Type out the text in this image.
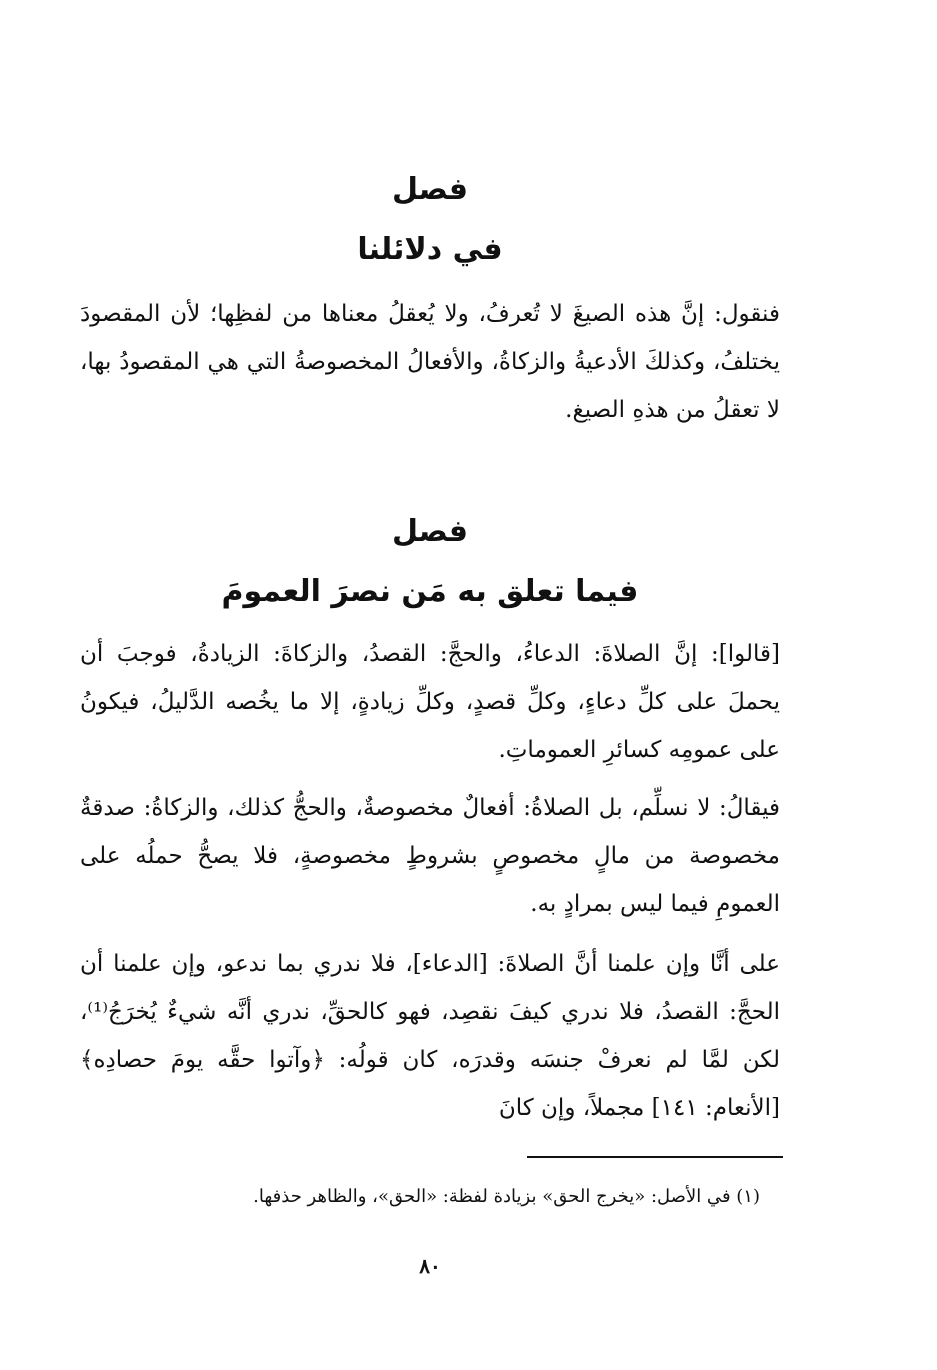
فصل
في دلائلنا

فنقول: إنَّ هذه الصيغَ لا تُعرفُ، ولا يُعقلُ معناها من لفظِها؛ لأن المقصودَ يختلفُ، وكذلكَ الأدعيةُ والزكاةُ، والأفعالُ المخصوصةُ التي هي المقصودُ بها، لا تعقلُ من هذهِ الصيغ.

فصل
فيما تعلق به مَن نصرَ العمومَ

[قالوا]: إنَّ الصلاةَ: الدعاءُ، والحجَّ: القصدُ، والزكاةَ: الزيادةُ، فوجبَ أن يحملَ على كلِّ دعاءٍ، وكلِّ قصدٍ، وكلِّ زيادةٍ، إلا ما يخُصه الدَّليلُ، فيكونُ على عمومِه كسائرِ العموماتِ.

فيقالُ: لا نسلِّم، بل الصلاةُ: أفعالٌ مخصوصةٌ، والحجُّ كذلك، والزكاةُ: صدقةٌ مخصوصة من مالٍ مخصوصٍ بشروطٍ مخصوصةٍ، فلا يصحُّ حملُه على العمومِ فيما ليس بمرادٍ به.

على أنَّا وإن علمنا أنَّ الصلاةَ: [الدعاء]، فلا ندري بما ندعو، وإن علمنا أن الحجَّ: القصدُ، فلا ندري كيفَ نقصِد، فهو كالحقِّ، ندري أنَّه شيءٌ يُخرَجُ⁽¹⁾، لكن لمَّا لم نعرفْ جنسَه وقدرَه، كان قولُه: ﴿وآتوا حقَّه يومَ حصادِه﴾ [الأنعام: ١٤١] مجملاً، وإن كانَ

(١) في الأصل: «يخرج الحق» بزيادة لفظة: «الحق»، والظاهر حذفها.

٨٠
